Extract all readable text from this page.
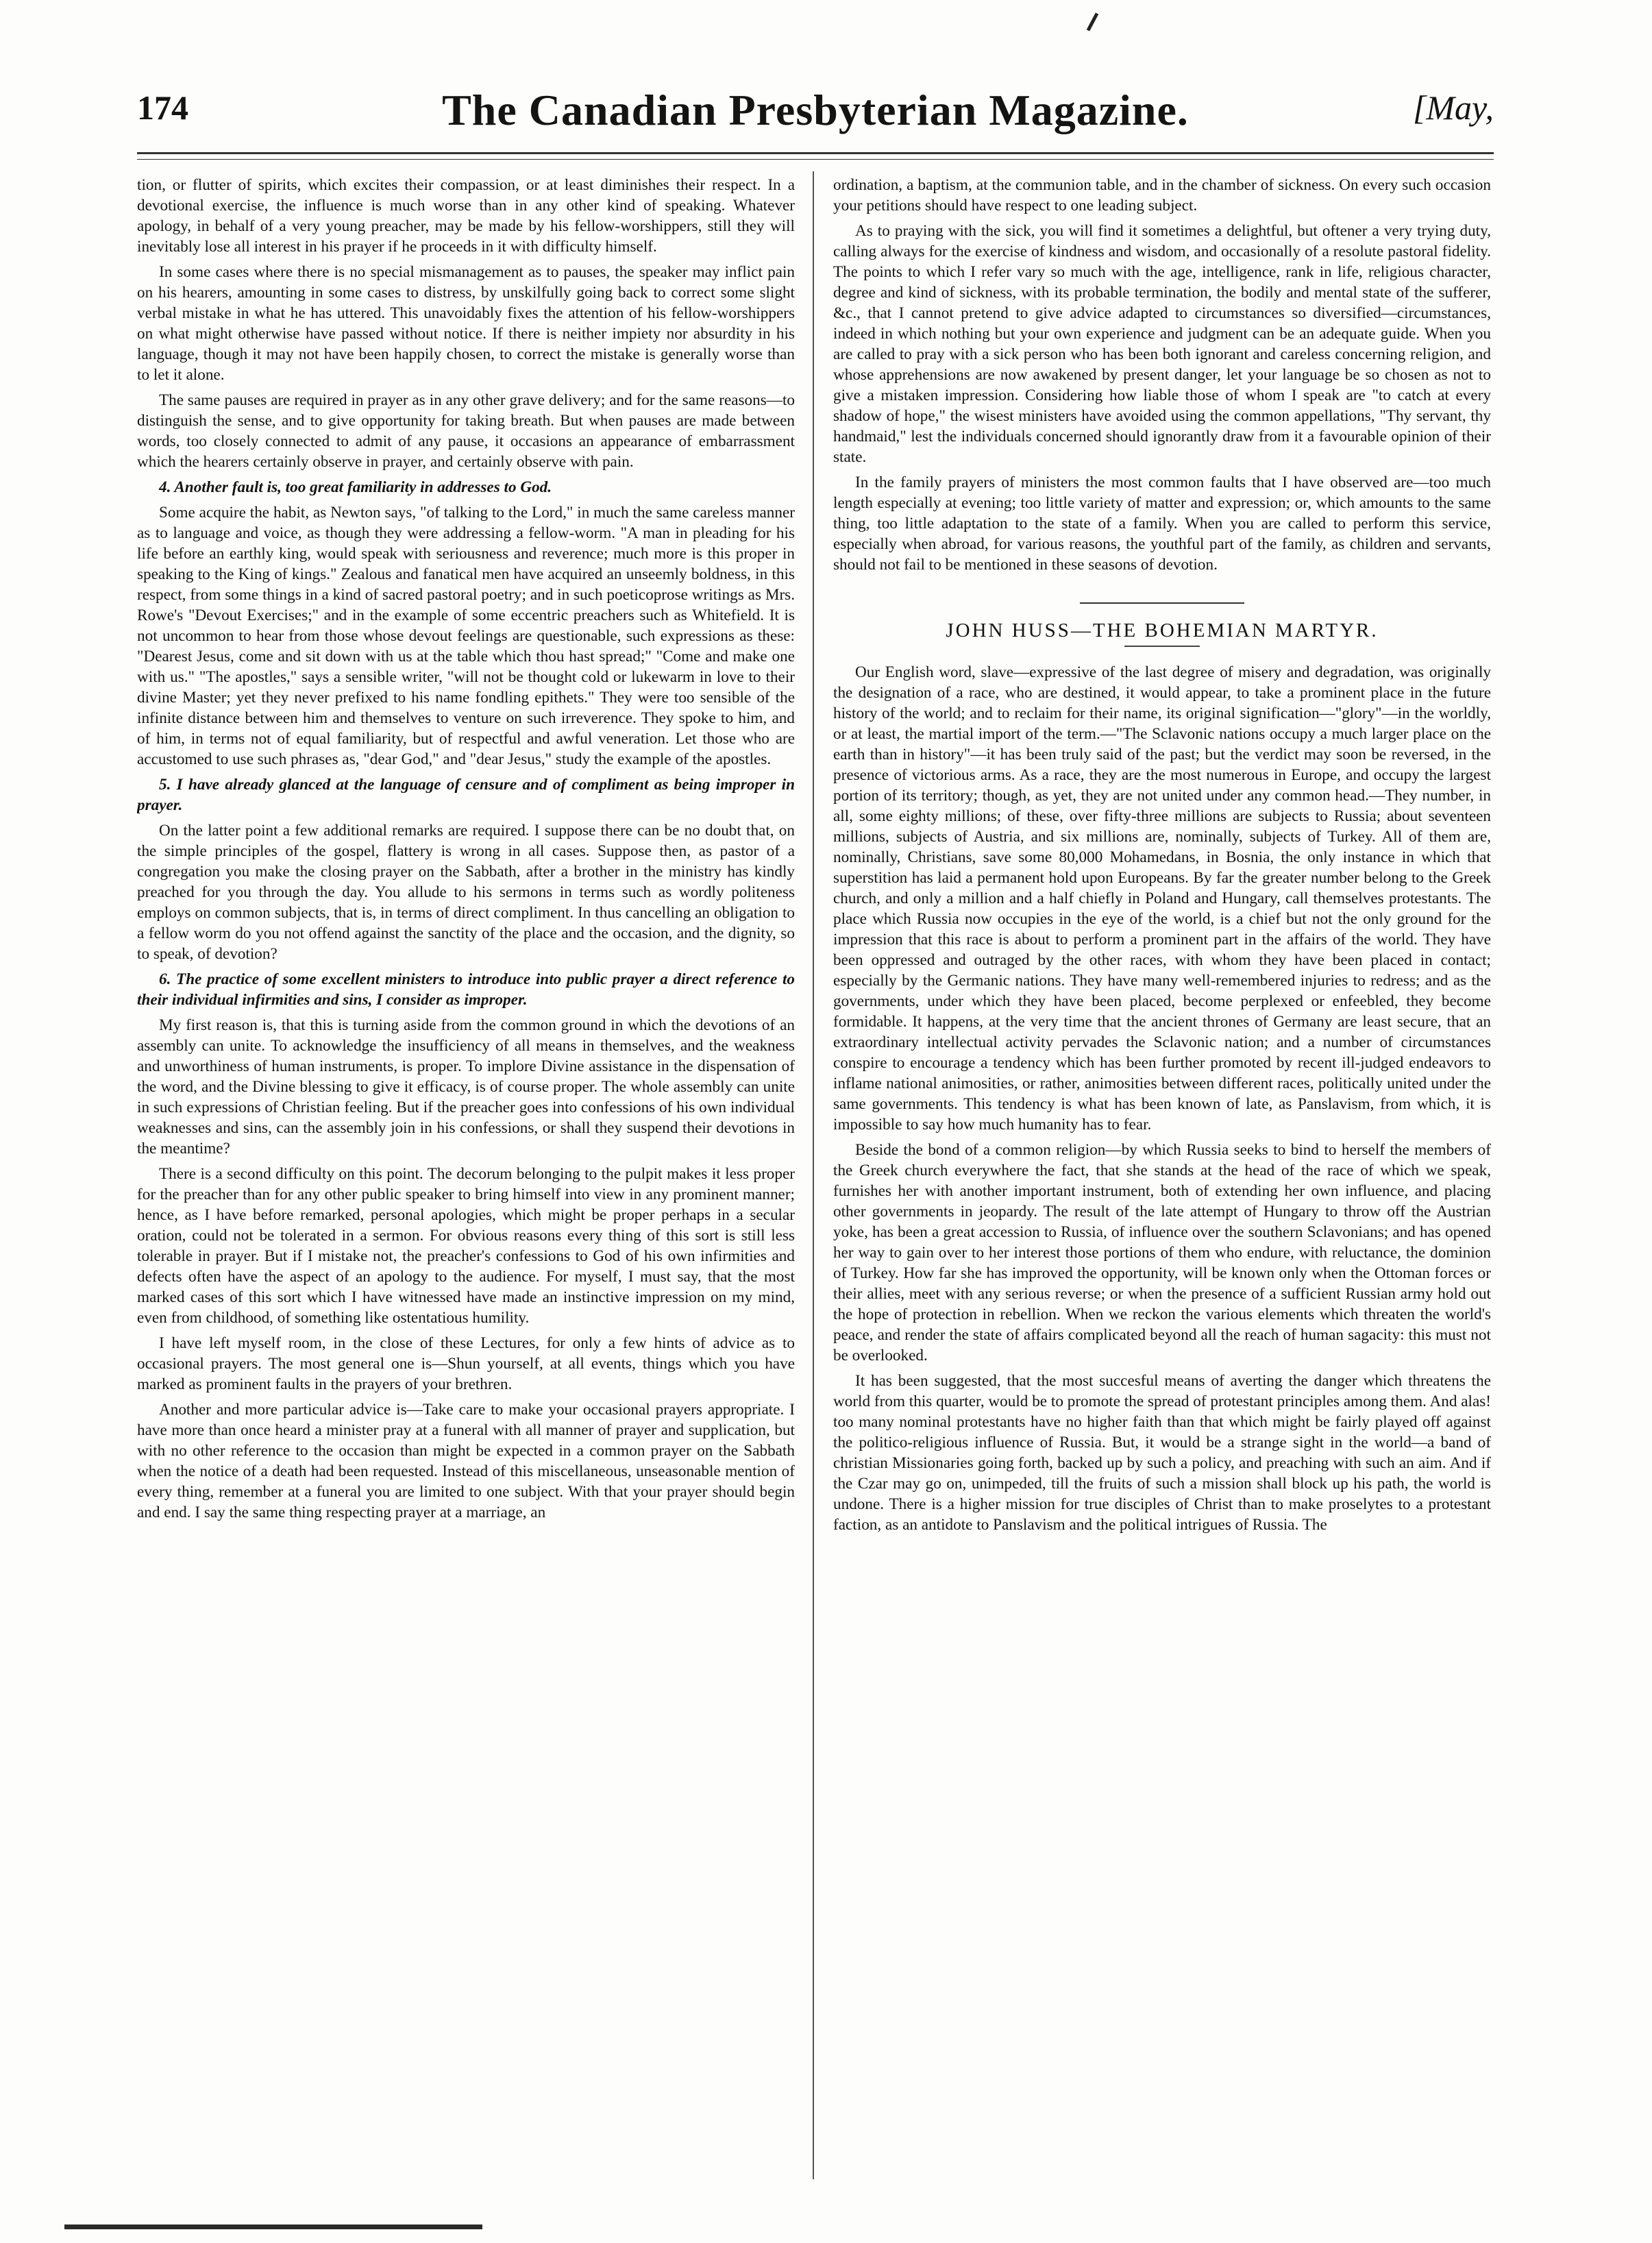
174	The Canadian Presbyterian Magazine.	[May,

tion, or flutter of spirits, which excites their compassion, or at least diminishes their respect. In a devotional exercise, the influence is much worse than in any other kind of speaking. Whatever apology, in behalf of a very young preacher, may be made by his fellow-worshippers, still they will inevitably lose all interest in his prayer if he proceeds in it with difficulty himself.

In some cases where there is no special mismanagement as to pauses, the speaker may inflict pain on his hearers, amounting in some cases to distress, by unskilfully going back to correct some slight verbal mistake in what he has uttered. This unavoidably fixes the attention of his fellow-worshippers on what might otherwise have passed without notice. If there is neither impiety nor absurdity in his language, though it may not have been happily chosen, to correct the mistake is generally worse than to let it alone.

The same pauses are required in prayer as in any other grave delivery; and for the same reasons—to distinguish the sense, and to give opportunity for taking breath. But when pauses are made between words, too closely connected to admit of any pause, it occasions an appearance of embarrassment which the hearers certainly observe in prayer, and certainly observe with pain.

4. Another fault is, too great familiarity in addresses to God.

Some acquire the habit, as Newton says, "of talking to the Lord," in much the same careless manner as to language and voice, as though they were addressing a fellow-worm. "A man in pleading for his life before an earthly king, would speak with seriousness and reverence; much more is this proper in speaking to the King of kings." Zealous and fanatical men have acquired an unseemly boldness, in this respect, from some things in a kind of sacred pastoral poetry; and in such poeticoprose writings as Mrs. Rowe's "Devout Exercises;" and in the example of some eccentric preachers such as Whitefield. It is not uncommon to hear from those whose devout feelings are questionable, such expressions as these: "Dearest Jesus, come and sit down with us at the table which thou hast spread;" "Come and make one with us." "The apostles," says a sensible writer, "will not be thought cold or lukewarm in love to their divine Master; yet they never prefixed to his name fondling epithets." They were too sensible of the infinite distance between him and themselves to venture on such irreverence. They spoke to him, and of him, in terms not of equal familiarity, but of respectful and awful veneration. Let those who are accustomed to use such phrases as, "dear God," and "dear Jesus," study the example of the apostles.

5. I have already glanced at the language of censure and of compliment as being improper in prayer.

On the latter point a few additional remarks are required. I suppose there can be no doubt that, on the simple principles of the gospel, flattery is wrong in all cases. Suppose then, as pastor of a congregation you make the closing prayer on the Sabbath, after a brother in the ministry has kindly preached for you through the day. You allude to his sermons in terms such as wordly politeness employs on common subjects, that is, in terms of direct compliment. In thus cancelling an obligation to a fellow worm do you not offend against the sanctity of the place and the occasion, and the dignity, so to speak, of devotion?

6. The practice of some excellent ministers to introduce into public prayer a direct reference to their individual infirmities and sins, I consider as improper.

My first reason is, that this is turning aside from the common ground in which the devotions of an assembly can unite. To acknowledge the insufficiency of all means in themselves, and the weakness and unworthiness of human instruments, is proper. To implore Divine assistance in the dispensation of the word, and the Divine blessing to give it efficacy, is of course proper. The whole assembly can unite in such expressions of Christian feeling. But if the preacher goes into confessions of his own individual weaknesses and sins, can the assembly join in his confessions, or shall they suspend their devotions in the meantime?

There is a second difficulty on this point. The decorum belonging to the pulpit makes it less proper for the preacher than for any other public speaker to bring himself into view in any prominent manner; hence, as I have before remarked, personal apologies, which might be proper perhaps in a secular oration, could not be tolerated in a sermon. For obvious reasons every thing of this sort is still less tolerable in prayer. But if I mistake not, the preacher's confessions to God of his own infirmities and defects often have the aspect of an apology to the audience. For myself, I must say, that the most marked cases of this sort which I have witnessed have made an instinctive impression on my mind, even from childhood, of something like ostentatious humility.

I have left myself room, in the close of these Lectures, for only a few hints of advice as to occasional prayers. The most general one is—Shun yourself, at all events, things which you have marked as prominent faults in the prayers of your brethren.

Another and more particular advice is—Take care to make your occasional prayers appropriate. I have more than once heard a minister pray at a funeral with all manner of prayer and supplication, but with no other reference to the occasion than might be expected in a common prayer on the Sabbath when the notice of a death had been requested. Instead of this miscellaneous, unseasonable mention of every thing, remember at a funeral you are limited to one subject. With that your prayer should begin and end. I say the same thing respecting prayer at a marriage, an

ordination, a baptism, at the communion table, and in the chamber of sickness. On every such occasion your petitions should have respect to one leading subject.

As to praying with the sick, you will find it sometimes a delightful, but oftener a very trying duty, calling always for the exercise of kindness and wisdom, and occasionally of a resolute pastoral fidelity. The points to which I refer vary so much with the age, intelligence, rank in life, religious character, degree and kind of sickness, with its probable termination, the bodily and mental state of the sufferer, &c., that I cannot pretend to give advice adapted to circumstances so diversified—circumstances, indeed in which nothing but your own experience and judgment can be an adequate guide. When you are called to pray with a sick person who has been both ignorant and careless concerning religion, and whose apprehensions are now awakened by present danger, let your language be so chosen as not to give a mistaken impression. Considering how liable those of whom I speak are "to catch at every shadow of hope," the wisest ministers have avoided using the common appellations, "Thy servant, thy handmaid," lest the individuals concerned should ignorantly draw from it a favourable opinion of their state.

In the family prayers of ministers the most common faults that I have observed are—too much length especially at evening; too little variety of matter and expression; or, which amounts to the same thing, too little adaptation to the state of a family. When you are called to perform this service, especially when abroad, for various reasons, the youthful part of the family, as children and servants, should not fail to be mentioned in these seasons of devotion.

JOHN HUSS—THE BOHEMIAN MARTYR.

Our English word, slave—expressive of the last degree of misery and degradation, was originally the designation of a race, who are destined, it would appear, to take a prominent place in the future history of the world; and to reclaim for their name, its original signification—"glory"—in the worldly, or at least, the martial import of the term.—"The Sclavonic nations occupy a much larger place on the earth than in history"—it has been truly said of the past; but the verdict may soon be reversed, in the presence of victorious arms. As a race, they are the most numerous in Europe, and occupy the largest portion of its territory; though, as yet, they are not united under any common head.—They number, in all, some eighty millions; of these, over fifty-three millions are subjects to Russia; about seventeen millions, subjects of Austria, and six millions are, nominally, subjects of Turkey. All of them are, nominally, Christians, save some 80,000 Mohamedans, in Bosnia, the only instance in which that superstition has laid a permanent hold upon Europeans. By far the greater number belong to the Greek church, and only a million and a half chiefly in Poland and Hungary, call themselves protestants. The place which Russia now occupies in the eye of the world, is a chief but not the only ground for the impression that this race is about to perform a prominent part in the affairs of the world. They have been oppressed and outraged by the other races, with whom they have been placed in contact; especially by the Germanic nations. They have many well-remembered injuries to redress; and as the governments, under which they have been placed, become perplexed or enfeebled, they become formidable. It happens, at the very time that the ancient thrones of Germany are least secure, that an extraordinary intellectual activity pervades the Sclavonic nation; and a number of circumstances conspire to encourage a tendency which has been further promoted by recent ill-judged endeavors to inflame national animosities, or rather, animosities between different races, politically united under the same governments. This tendency is what has been known of late, as Panslavism, from which, it is impossible to say how much humanity has to fear.

Beside the bond of a common religion—by which Russia seeks to bind to herself the members of the Greek church everywhere the fact, that she stands at the head of the race of which we speak, furnishes her with another important instrument, both of extending her own influence, and placing other governments in jeopardy. The result of the late attempt of Hungary to throw off the Austrian yoke, has been a great accession to Russia, of influence over the southern Sclavonians; and has opened her way to gain over to her interest those portions of them who endure, with reluctance, the dominion of Turkey. How far she has improved the opportunity, will be known only when the Ottoman forces or their allies, meet with any serious reverse; or when the presence of a sufficient Russian army hold out the hope of protection in rebellion. When we reckon the various elements which threaten the world's peace, and render the state of affairs complicated beyond all the reach of human sagacity: this must not be overlooked.

It has been suggested, that the most succesful means of averting the danger which threatens the world from this quarter, would be to promote the spread of protestant principles among them. And alas! too many nominal protestants have no higher faith than that which might be fairly played off against the politico-religious influence of Russia. But, it would be a strange sight in the world—a band of christian Missionaries going forth, backed up by such a policy, and preaching with such an aim. And if the Czar may go on, unimpeded, till the fruits of such a mission shall block up his path, the world is undone. There is a higher mission for true disciples of Christ than to make proselytes to a protestant faction, as an antidote to Panslavism and the political intrigues of Russia. The
